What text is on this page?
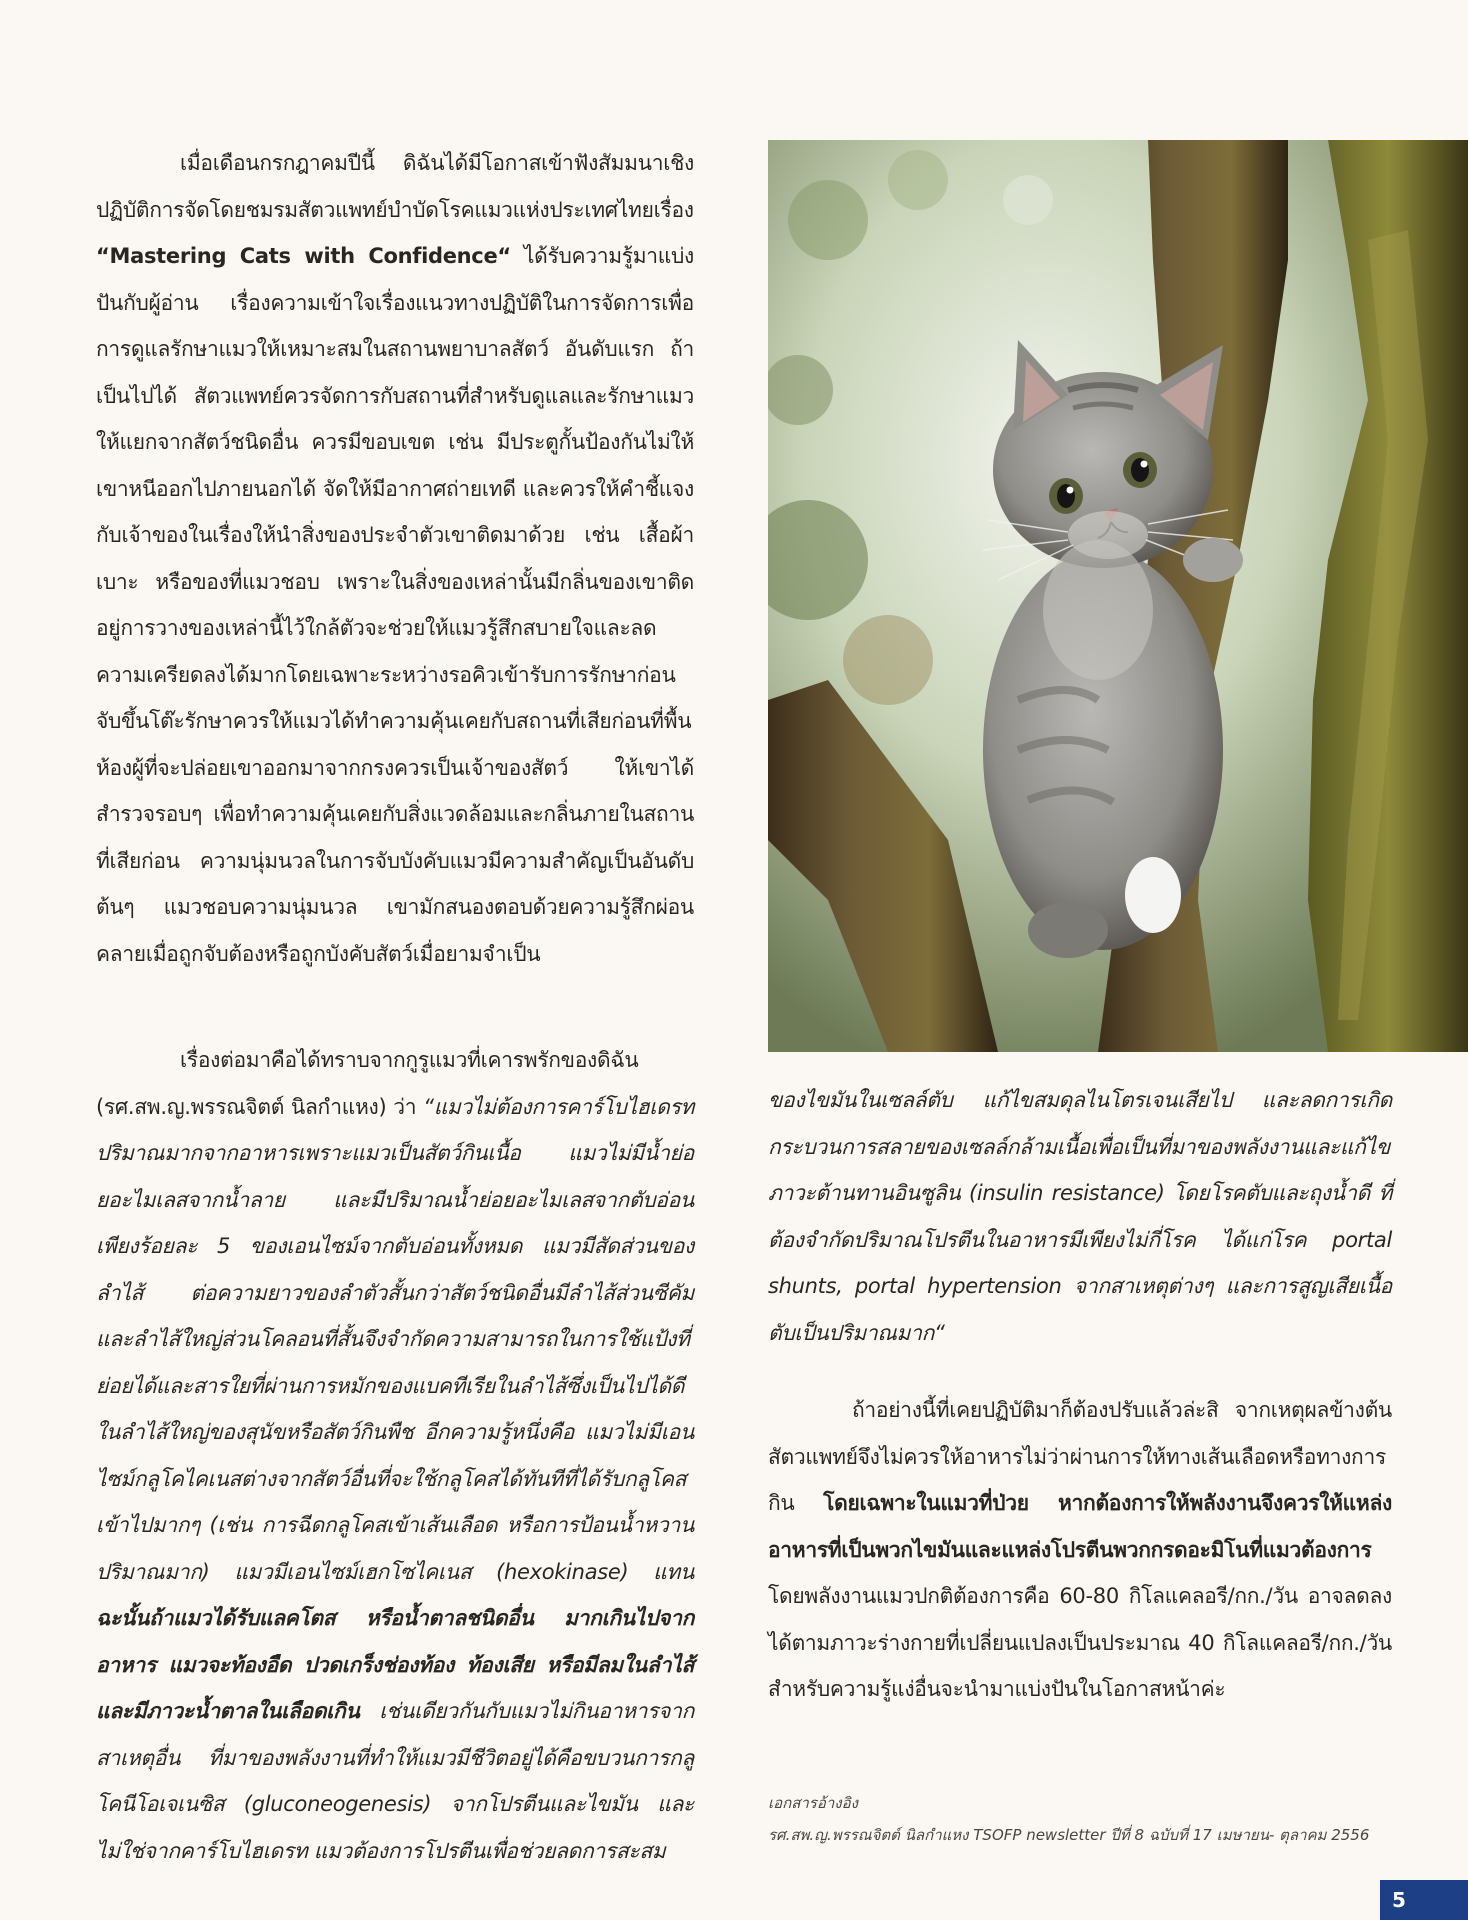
เมื่อเดือนกรกฎาคมปีนี้ ดิฉันได้มีโอกาสเข้าฟังสัมมนาเชิงปฏิบัติการจัดโดยชมรมสัตวแพทย์บำบัดโรคแมวแห่งประเทศไทยเรื่อง “Mastering Cats with Confidence“ ได้รับความรู้มาแบ่งปันกับผู้อ่าน เรื่องความเข้าใจเรื่องแนวทางปฏิบัติในการจัดการเพื่อการดูแลรักษาแมวให้เหมาะสมในสถานพยาบาลสัตว์ อันดับแรก ถ้าเป็นไปได้ สัตวแพทย์ควรจัดการกับสถานที่สำหรับดูแลและรักษาแมวให้แยกจากสัตว์ชนิดอื่น ควรมีขอบเขต เช่น มีประตูกั้นป้องกันไม่ให้เขาหนีออกไปภายนอกได้ จัดให้มีอากาศถ่ายเทดี และควรให้คำชี้แจงกับเจ้าของในเรื่องให้นำสิ่งของประจำตัวเขาติดมาด้วย เช่น เสื้อผ้าเบาะ หรือของที่แมวชอบ เพราะในสิ่งของเหล่านั้นมีกลิ่นของเขาติดอยู่การวางของเหล่านี้ไว้ใกล้ตัวจะช่วยให้แมวรู้สึกสบายใจและลดความเครียดลงได้มากโดยเฉพาะระหว่างรอคิวเข้ารับการรักษาก่อนจับขึ้นโต๊ะรักษาควรให้แมวได้ทำความคุ้นเคยกับสถานที่เสียก่อนที่พื้นห้องผู้ที่จะปล่อยเขาออกมาจากกรงควรเป็นเจ้าของสัตว์ ให้เขาได้สำรวจรอบๆ เพื่อทำความคุ้นเคยกับสิ่งแวดล้อมและกลิ่นภายในสถานที่เสียก่อน ความนุ่มนวลในการจับบังคับแมวมีความสำคัญเป็นอันดับต้นๆ แมวชอบความนุ่มนวล เขามักสนองตอบด้วยความรู้สึกผ่อนคลายเมื่อถูกจับต้องหรือถูกบังคับสัตว์เมื่อยามจำเป็น

เรื่องต่อมาคือได้ทราบจากกูรูแมวที่เคารพรักของดิฉัน (รศ.สพ.ญ.พรรณจิตต์ นิลกำแหง) ว่า “แมวไม่ต้องการคาร์โบไฮเดรทปริมาณมากจากอาหารเพราะแมวเป็นสัตว์กินเนื้อ แมวไม่มีน้ำย่อยอะไมเลสจากน้ำลาย และมีปริมาณน้ำย่อยอะไมเลสจากตับอ่อนเพียงร้อยละ 5 ของเอนไซม์จากตับอ่อนทั้งหมด แมวมีสัดส่วนของลำไส้ ต่อความยาวของลำตัวสั้นกว่าสัตว์ชนิดอื่นมีลำไส้ส่วนซีคัม และลำไส้ใหญ่ส่วนโคลอนที่สั้นจึงจำกัดความสามารถในการใช้แป้งที่ย่อยได้และสารใยที่ผ่านการหมักของแบคทีเรียในลำไส้ซึ่งเป็นไปได้ดีในลำไส้ใหญ่ของสุนัขหรือสัตว์กินพืช อีกความรู้หนึ่งคือ แมวไม่มีเอนไซม์กลูโคไคเนสต่างจากสัตว์อื่นที่จะใช้กลูโคสได้ทันทีที่ได้รับกลูโคสเข้าไปมากๆ (เช่น การฉีดกลูโคสเข้าเส้นเลือด หรือการป้อนน้ำหวานปริมาณมาก) แมวมีเอนไซม์เฮกโซไคเนส (hexokinase) แทน ฉะนั้นถ้าแมวได้รับแลคโตส หรือน้ำตาลชนิดอื่น มากเกินไปจากอาหาร แมวจะท้องอืด ปวดเกร็งช่องท้อง ท้องเสีย หรือมีลมในลำไส้ และมีภาวะน้ำตาลในเลือดเกิน เช่นเดียวกันกับแมวไม่กินอาหารจากสาเหตุอื่น ที่มาของพลังงานที่ทำให้แมวมีชีวิตอยู่ได้คือขบวนการกลูโคนีโอเจเนซิส (gluconeogenesis) จากโปรตีนและไขมัน และไม่ใช่จากคาร์โบไฮเดรท แมวต้องการโปรตีนเพื่อช่วยลดการสะสม

ของไขมันในเซลล์ตับ แก้ไขสมดุลไนโตรเจนเสียไป และลดการเกิดกระบวนการสลายของเซลล์กล้ามเนื้อเพื่อเป็นที่มาของพลังงานและแก้ไขภาวะต้านทานอินซูลิน (insulin resistance) โดยโรคตับและถุงน้ำดี ที่ต้องจำกัดปริมาณโปรตีนในอาหารมีเพียงไม่กี่โรค ได้แก่โรค portal shunts, portal hypertension จากสาเหตุต่างๆ และการสูญเสียเนื้อตับเป็นปริมาณมาก“

ถ้าอย่างนี้ที่เคยปฏิบัติมาก็ต้องปรับแล้วล่ะสิ จากเหตุผลข้างต้นสัตวแพทย์จึงไม่ควรให้อาหารไม่ว่าผ่านการให้ทางเส้นเลือดหรือทางการกิน โดยเฉพาะในแมวที่ป่วย หากต้องการให้พลังงานจึงควรให้แหล่งอาหารที่เป็นพวกไขมันและแหล่งโปรตีนพวกกรดอะมิโนที่แมวต้องการ โดยพลังงานแมวปกติต้องการคือ 60-80 กิโลแคลอรี/กก./วัน อาจลดลงได้ตามภาวะร่างกายที่เปลี่ยนแปลงเป็นประมาณ 40 กิโลแคลอรี/กก./วัน สำหรับความรู้แง่อื่นจะนำมาแบ่งปันในโอกาสหน้าค่ะ

เอกสารอ้างอิง
รศ.สพ.ญ.พรรณจิตต์ นิลกำแหง TSOFP newsletter ปีที่ 8 ฉบับที่ 17 เมษายน- ตุลาคม 2556
5
